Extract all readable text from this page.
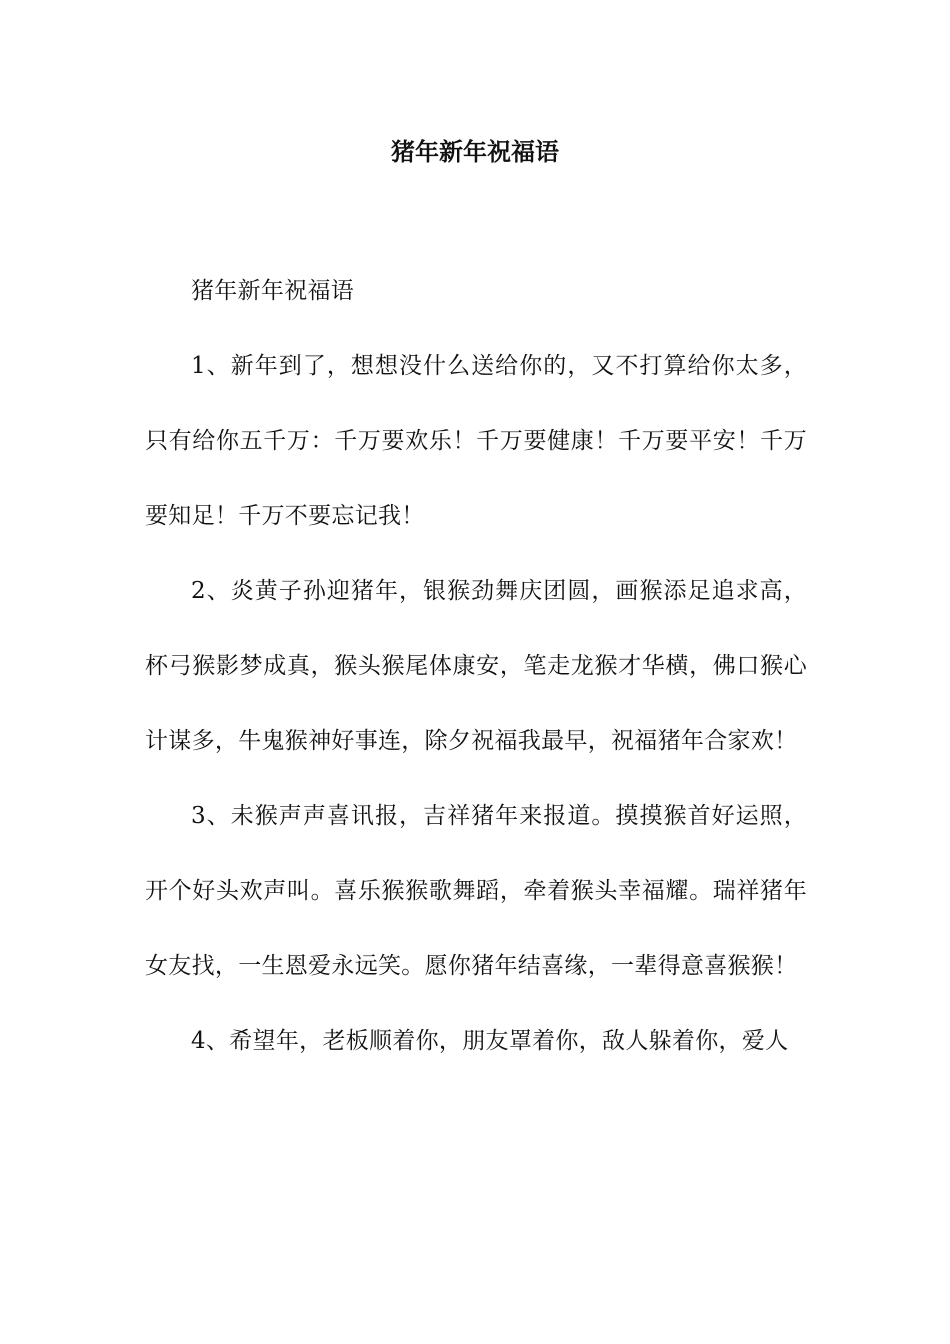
猪年新年祝福语

猪年新年祝福语

1、新年到了，想想没什么送给你的，又不打算给你太多，只有给你五千万：千万要欢乐！千万要健康！千万要平安！千万要知足！千万不要忘记我！

2、炎黄子孙迎猪年，银猴劲舞庆团圆，画猴添足追求高，杯弓猴影梦成真，猴头猴尾体康安，笔走龙猴才华横，佛口猴心计谋多，牛鬼猴神好事连，除夕祝福我最早，祝福猪年合家欢！

3、未猴声声喜讯报，吉祥猪年来报道。摸摸猴首好运照，开个好头欢声叫。喜乐猴猴歌舞蹈，牵着猴头幸福耀。瑞祥猪年女友找，一生恩爱永远笑。愿你猪年结喜缘，一辈得意喜猴猴！

4、希望年，老板顺着你，朋友罩着你，敌人躲着你，爱人
